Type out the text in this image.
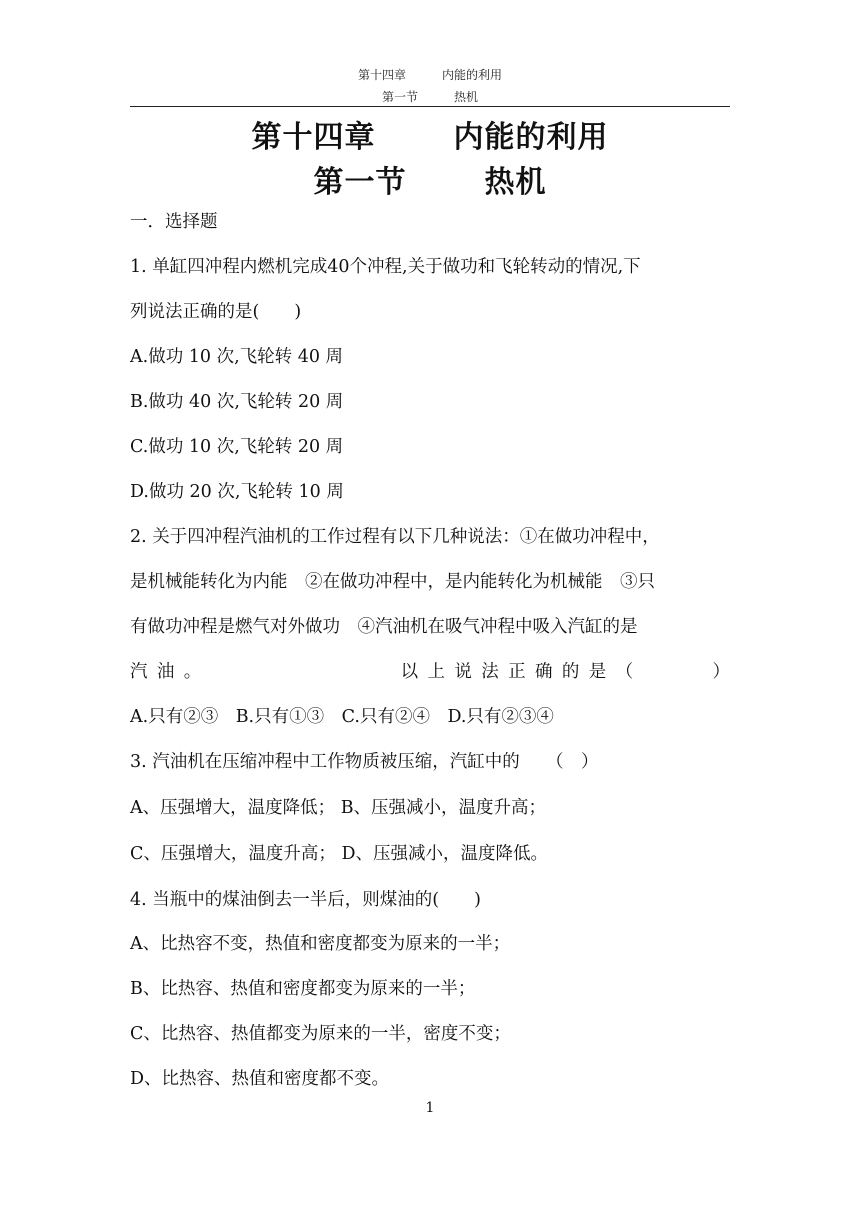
第十四章	内能的利用
第一节	热机
第十四章	内能的利用
第一节	热机
一．选择题
1. 单缸四冲程内燃机完成40个冲程,关于做功和飞轮转动的情况,下
列说法正确的是(　　)
A.做功 10 次,飞轮转 40 周
B.做功 40 次,飞轮转 20 周
C.做功 10 次,飞轮转 20 周
D.做功 20 次,飞轮转 10 周
2. 关于四冲程汽油机的工作过程有以下几种说法：①在做功冲程中，
是机械能转化为内能　②在做功冲程中，是内能转化为机械能　③只
有做功冲程是燃气对外做功　④汽油机在吸气冲程中吸入汽缸的是
汽 油 。	以 上 说 法 正 确 的 是 （	）
A.只有②③　B.只有①③　C.只有②④　D.只有②③④
3. 汽油机在压缩冲程中工作物质被压缩，汽缸中的　　（　）
A、压强增大，温度降低； B、压强减小，温度升高；
C、压强增大，温度升高； D、压强减小，温度降低。
4. 当瓶中的煤油倒去一半后，则煤油的(　　)
A、比热容不变，热值和密度都变为原来的一半；
B、比热容、热值和密度都变为原来的一半；
C、比热容、热值都变为原来的一半，密度不变；
D、比热容、热值和密度都不变。
1
